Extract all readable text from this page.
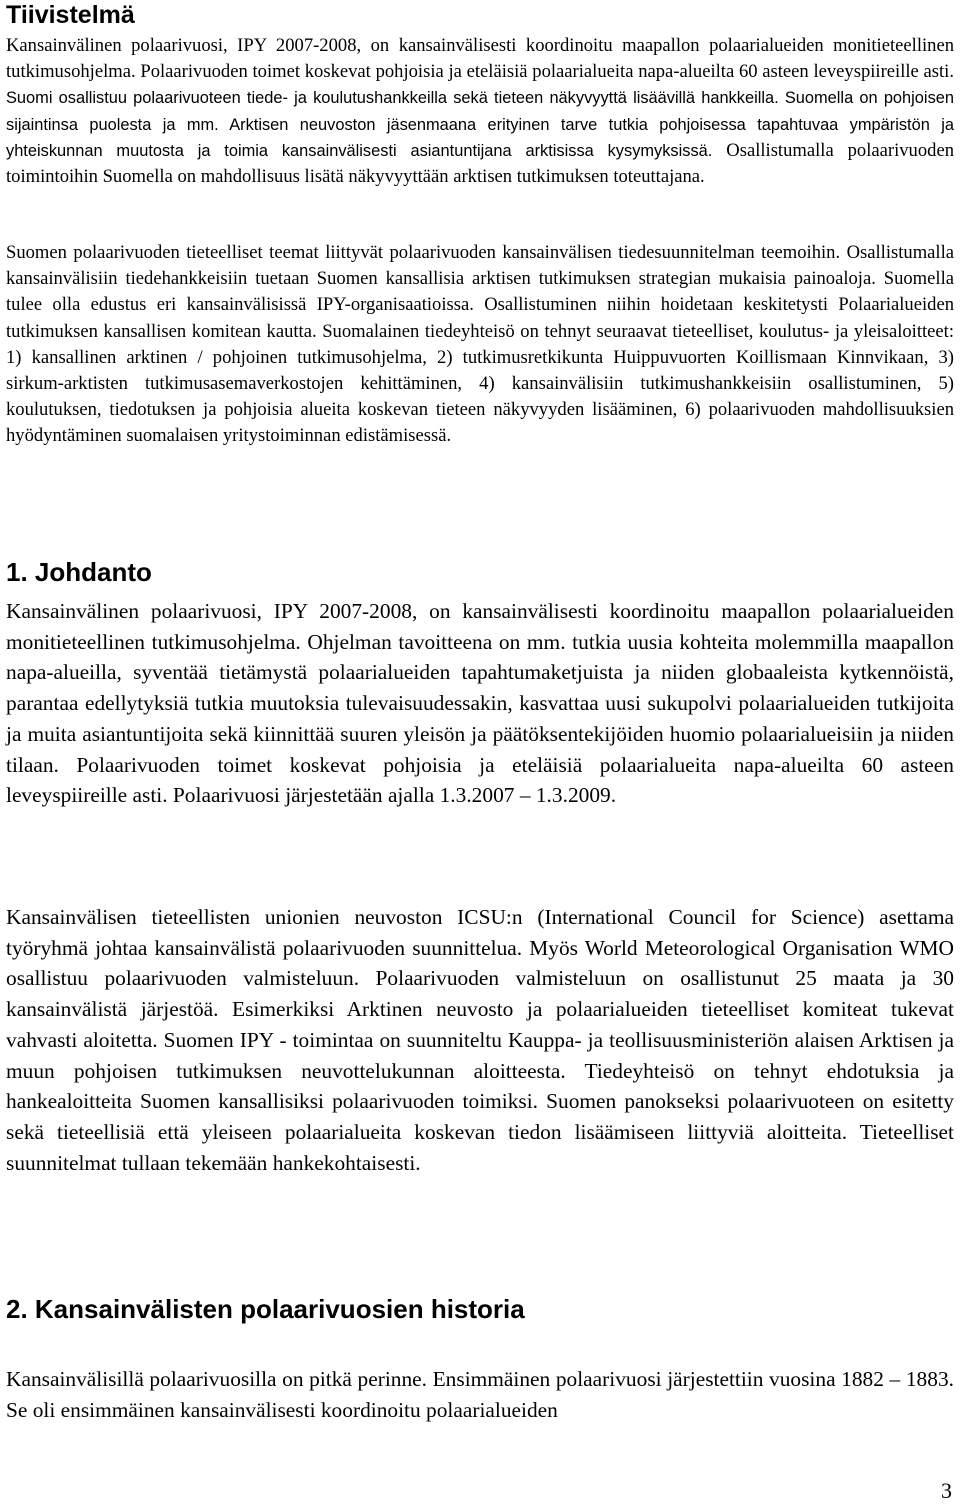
Tiivistelmä

Kansainvälinen polaarivuosi, IPY 2007-2008, on kansainvälisesti koordinoitu maapallon polaarialueiden monitieteellinen tutkimusohjelma. Polaarivuoden toimet koskevat pohjoisia ja eteläisiä polaarialueita napa-alueilta 60 asteen leveyspiireille asti. Suomi osallistuu polaarivuoteen tiede- ja koulutushankkeilla sekä tieteen näkyvyyttä lisäävillä hankkeilla. Suomella on pohjoisen sijaintinsa puolesta ja mm. Arktisen neuvoston jäsenmaana erityinen tarve tutkia pohjoisessa tapahtuvaa ympäristön ja yhteiskunnan muutosta ja toimia kansainvälisesti asiantuntijana arktisissa kysymyksissä. Osallistumalla polaarivuoden toimintoihin Suomella on mahdollisuus lisätä näkyvyyttään arktisen tutkimuksen toteuttajana.

Suomen polaarivuoden tieteelliset teemat liittyvät polaarivuoden kansainvälisen tiedesuunnitelman teemoihin. Osallistumalla kansainvälisiin tiedehankkeisiin tuetaan Suomen kansallisia arktisen tutkimuksen strategian mukaisia painoaloja. Suomella tulee olla edustus eri kansainvälisissä IPY-organisaatioissa. Osallistuminen niihin hoidetaan keskitetysti Polaarialueiden tutkimuksen kansallisen komitean kautta. Suomalainen tiedeyhteisö on tehnyt seuraavat tieteelliset, koulutus- ja yleisaloitteet: 1) kansallinen arktinen / pohjoinen tutkimusohjelma, 2) tutkimusretkikunta Huippuvuorten Koillismaan Kinnvikaan, 3) sirkum-arktisten tutkimusasemaverkostojen kehittäminen, 4) kansainvälisiin tutkimushankkeisiin osallistuminen, 5) koulutuksen, tiedotuksen ja pohjoisia alueita koskevan tieteen näkyvyyden lisääminen, 6) polaarivuoden mahdollisuuksien hyödyntäminen suomalaisen yritystoiminnan edistämisessä.

1. Johdanto

Kansainvälinen polaarivuosi, IPY 2007-2008, on kansainvälisesti koordinoitu maapallon polaarialueiden monitieteellinen tutkimusohjelma. Ohjelman tavoitteena on mm. tutkia uusia kohteita molemmilla maapallon napa-alueilla, syventää tietämystä polaarialueiden tapahtumaketjuista ja niiden globaaleista kytkennöistä, parantaa edellytyksiä tutkia muutoksia tulevaisuudessakin, kasvattaa uusi sukupolvi polaarialueiden tutkijoita ja muita asiantuntijoita sekä kiinnittää suuren yleisön ja päätöksentekijöiden huomio polaarialueisiin ja niiden tilaan. Polaarivuoden toimet koskevat pohjoisia ja eteläisiä polaarialueita napa-alueilta 60 asteen leveyspiireille asti. Polaarivuosi järjestetään ajalla 1.3.2007 – 1.3.2009.

Kansainvälisen tieteellisten unionien neuvoston ICSU:n (International Council for Science) asettama työryhmä johtaa kansainvälistä polaarivuoden suunnittelua. Myös World Meteorological Organisation WMO osallistuu polaarivuoden valmisteluun. Polaarivuoden valmisteluun on osallistunut 25 maata ja 30 kansainvälistä järjestöä. Esimerkiksi Arktinen neuvosto ja polaarialueiden tieteelliset komiteat tukevat vahvasti aloitetta. Suomen IPY - toimintaa on suunniteltu Kauppa- ja teollisuusministeriön alaisen Arktisen ja muun pohjoisen tutkimuksen neuvottelukunnan aloitteesta. Tiedeyhteisö on tehnyt ehdotuksia ja hankealoitteita Suomen kansallisiksi polaarivuoden toimiksi. Suomen panokseksi polaarivuoteen on esitetty sekä tieteellisiä että yleiseen polaarialueita koskevan tiedon lisäämiseen liittyviä aloitteita. Tieteelliset suunnitelmat tullaan tekemään hankekohtaisesti.

2. Kansainvälisten polaarivuosien historia

Kansainvälisillä polaarivuosilla on pitkä perinne. Ensimmäinen polaarivuosi järjestettiin vuosina 1882 – 1883. Se oli ensimmäinen kansainvälisesti koordinoitu polaarialueiden

3
